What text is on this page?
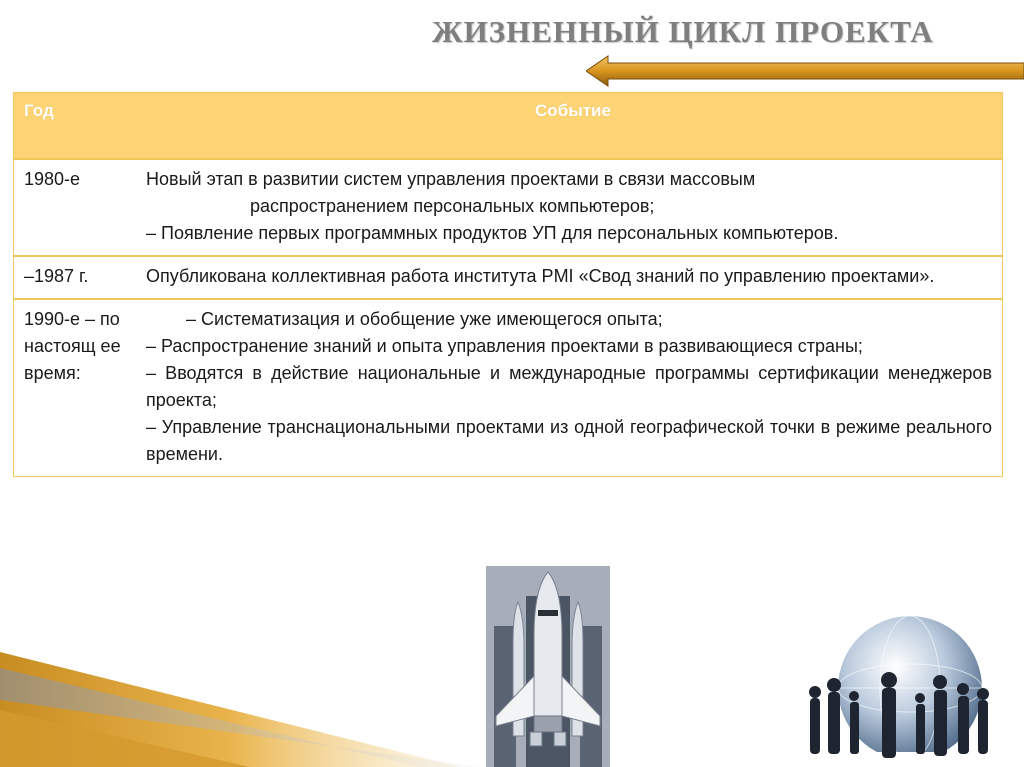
ЖИЗНЕННЫЙ ЦИКЛ ПРОЕКТА
Год	Событие
1980-е	Новый этап в развитии систем управления проектами в связи массовым
распространением персональных компьютеров;
– Появление первых программных продуктов УП для персональных компьютеров.

–1987 г.	Опубликована коллективная работа института PMI «Свод знаний по управлению проектами».

1990-е – по настоящ ее время:	– Систематизация и обобщение уже имеющегося опыта;
– Распространение знаний и опыта управления проектами в развивающиеся страны;
– Вводятся в действие национальные и международные программы сертификации менеджеров проекта;
– Управление транснациональными проектами из одной географической точки в режиме реального времени.
